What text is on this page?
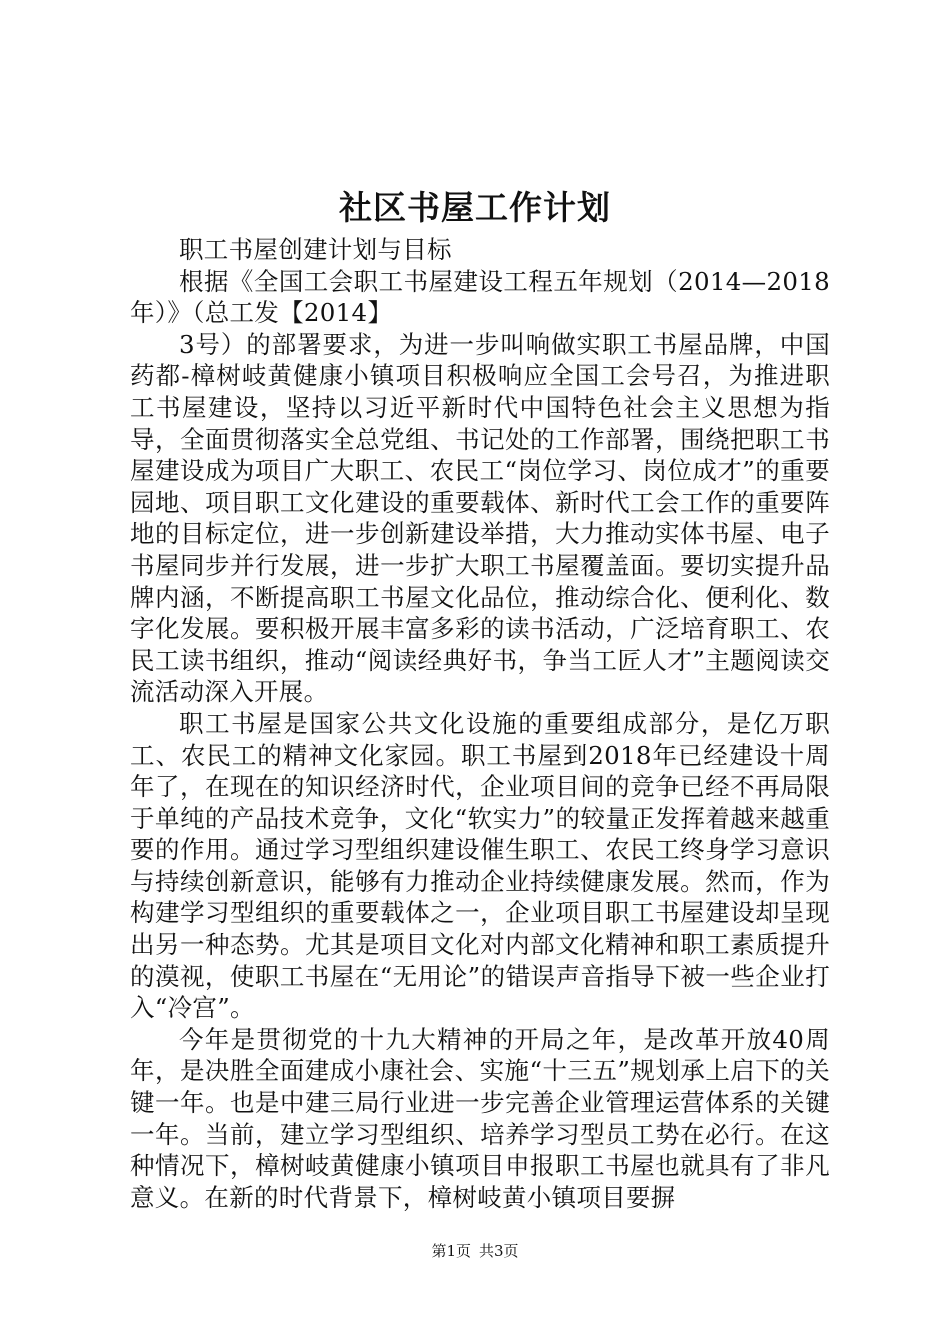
社区书屋工作计划

职工书屋创建计划与目标

根据《全国工会职工书屋建设工程五年规划（2014—2018年）》（总工发【2014】

3号）的部署要求，为进一步叫响做实职工书屋品牌，中国药都-樟树岐黄健康小镇项目积极响应全国工会号召，为推进职工书屋建设，坚持以习近平新时代中国特色社会主义思想为指导，全面贯彻落实全总党组、书记处的工作部署，围绕把职工书屋建设成为项目广大职工、农民工“岗位学习、岗位成才”的重要园地、项目职工文化建设的重要载体、新时代工会工作的重要阵地的目标定位，进一步创新建设举措，大力推动实体书屋、电子书屋同步并行发展，进一步扩大职工书屋覆盖面。要切实提升品牌内涵，不断提高职工书屋文化品位，推动综合化、便利化、数字化发展。要积极开展丰富多彩的读书活动，广泛培育职工、农民工读书组织，推动“阅读经典好书，争当工匠人才”主题阅读交流活动深入开展。

职工书屋是国家公共文化设施的重要组成部分，是亿万职工、农民工的精神文化家园。职工书屋到2018年已经建设十周年了，在现在的知识经济时代，企业项目间的竞争已经不再局限于单纯的产品技术竞争，文化“软实力”的较量正发挥着越来越重要的作用。通过学习型组织建设催生职工、农民工终身学习意识与持续创新意识，能够有力推动企业持续健康发展。然而，作为构建学习型组织的重要载体之一，企业项目职工书屋建设却呈现出另一种态势。尤其是项目文化对内部文化精神和职工素质提升的漠视，使职工书屋在“无用论”的错误声音指导下被一些企业打入“冷宫”。

今年是贯彻党的十九大精神的开局之年，是改革开放40周年，是决胜全面建成小康社会、实施“十三五”规划承上启下的关键一年。也是中建三局行业进一步完善企业管理运营体系的关键一年。当前，建立学习型组织、培养学习型员工势在必行。在这种情况下，樟树岐黄健康小镇项目申报职工书屋也就具有了非凡意义。在新的时代背景下，樟树岐黄小镇项目要摒

第1页 共3页
